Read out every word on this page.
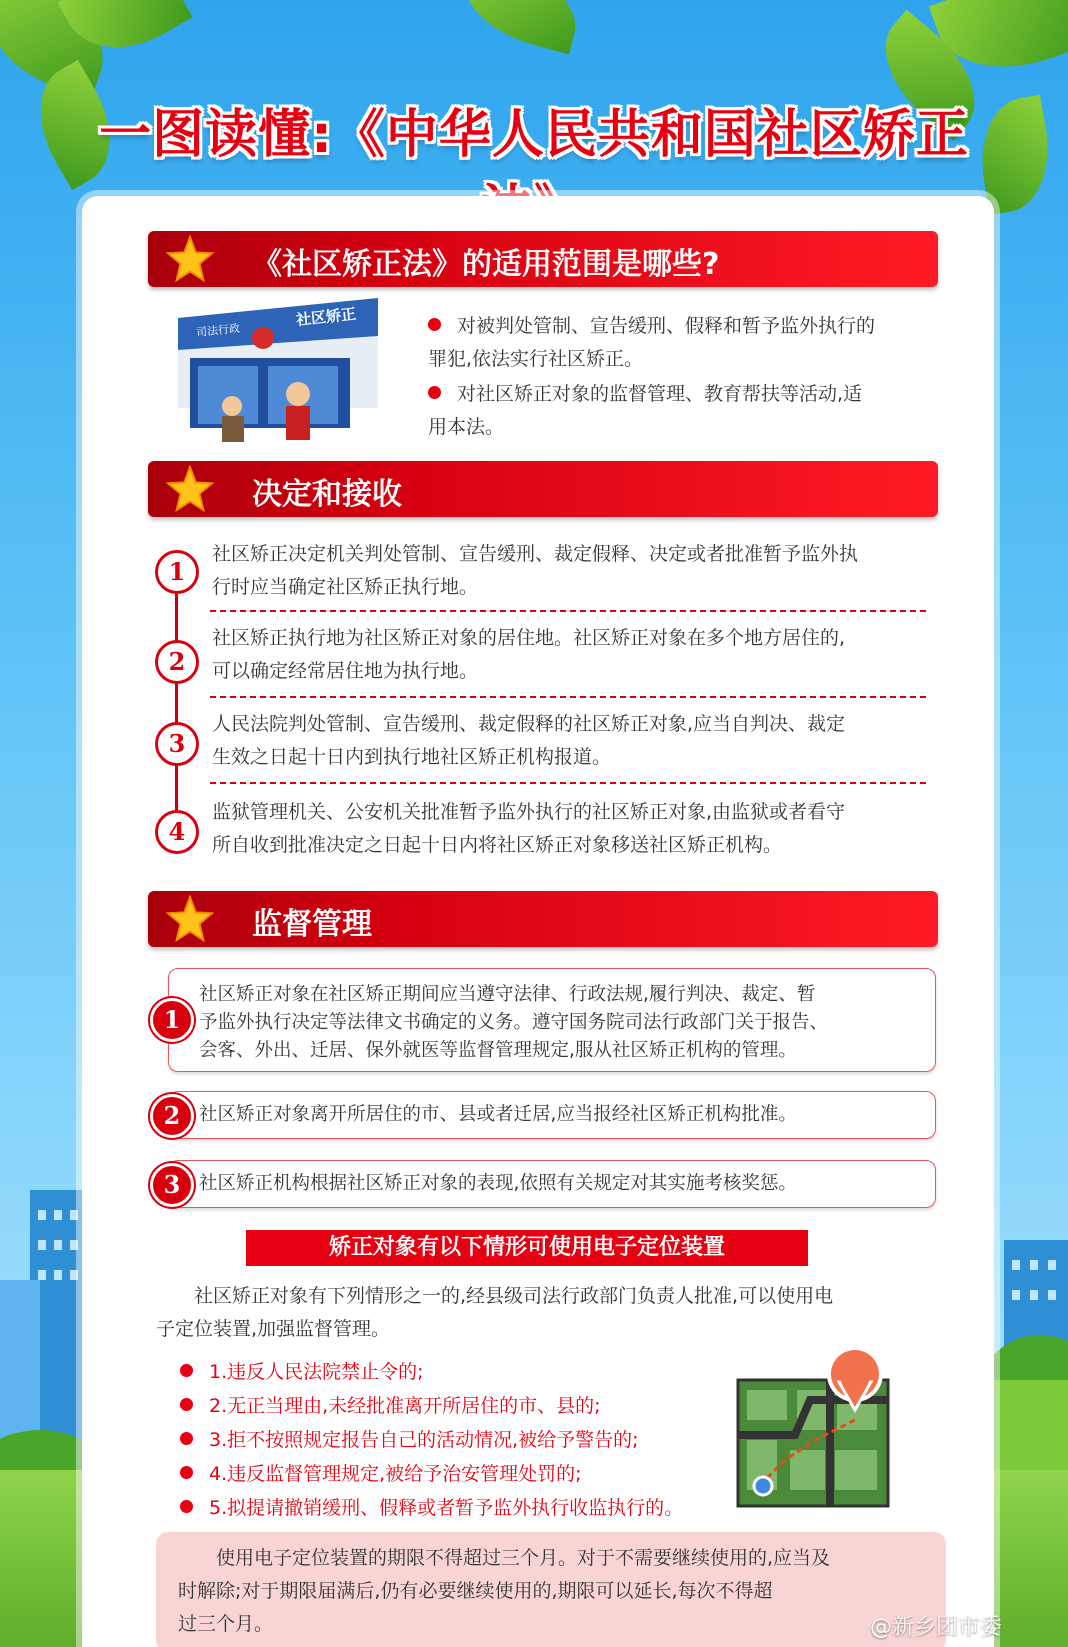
一图读懂:《中华人民共和国社区矫正
《社区矫正法》的适用范围是哪些?
司法行政
社区矫正	对被判处管制、宣告缓刑、假释和暂予监外执行的
罪犯,依法实行社区矫正。
对社区矫正对象的监督管理、教育帮扶等活动,适
用本法。
决定和接收
1
社区矫正决定机关判处管制、宣告缓刑、裁定假释、决定或者批准暂予监外执
行时应当确定社区矫正执行地。
2
社区矫正执行地为社区矫正对象的居住地。社区矫正对象在多个地方居住的,
可以确定经常居住地为执行地。
3
人民法院判处管制、宣告缓刑、裁定假释的社区矫正对象,应当自判决、裁定
生效之日起十日内到执行地社区矫正机构报道。
4
监狱管理机关、公安机关批准暂予监外执行的社区矫正对象,由监狱或者看守
所自收到批准决定之日起十日内将社区矫正对象移送社区矫正机构。
监督管理
社区矫正对象在社区矫正期间应当遵守法律、行政法规,履行判决、裁定、暂
予监外执行决定等法律文书确定的义务。遵守国务院司法行政部门关于报告、
会客、外出、迁居、保外就医等监督管理规定,服从社区矫正机构的管理。
1
社区矫正对象离开所居住的市、县或者迁居,应当报经社区矫正机构批准。
2
社区矫正机构根据社区矫正对象的表现,依照有关规定对其实施考核奖惩。
3
矫正对象有以下情形可使用电子定位装置
社区矫正对象有下列情形之一的,经县级司法行政部门负责人批准,可以使用电
子定位装置,加强监督管理。
1.违反人民法院禁止令的;
2.无正当理由,未经批准离开所居住的市、县的;
3.拒不按照规定报告自己的活动情况,被给予警告的;
4.违反监督管理规定,被给予治安管理处罚的;
5.拟提请撤销缓刑、假释或者暂予监外执行收监执行的。
使用电子定位装置的期限不得超过三个月。对于不需要继续使用的,应当及
时解除;对于期限届满后,仍有必要继续使用的,期限可以延长,每次不得超
过三个月。	@新乡团市委
